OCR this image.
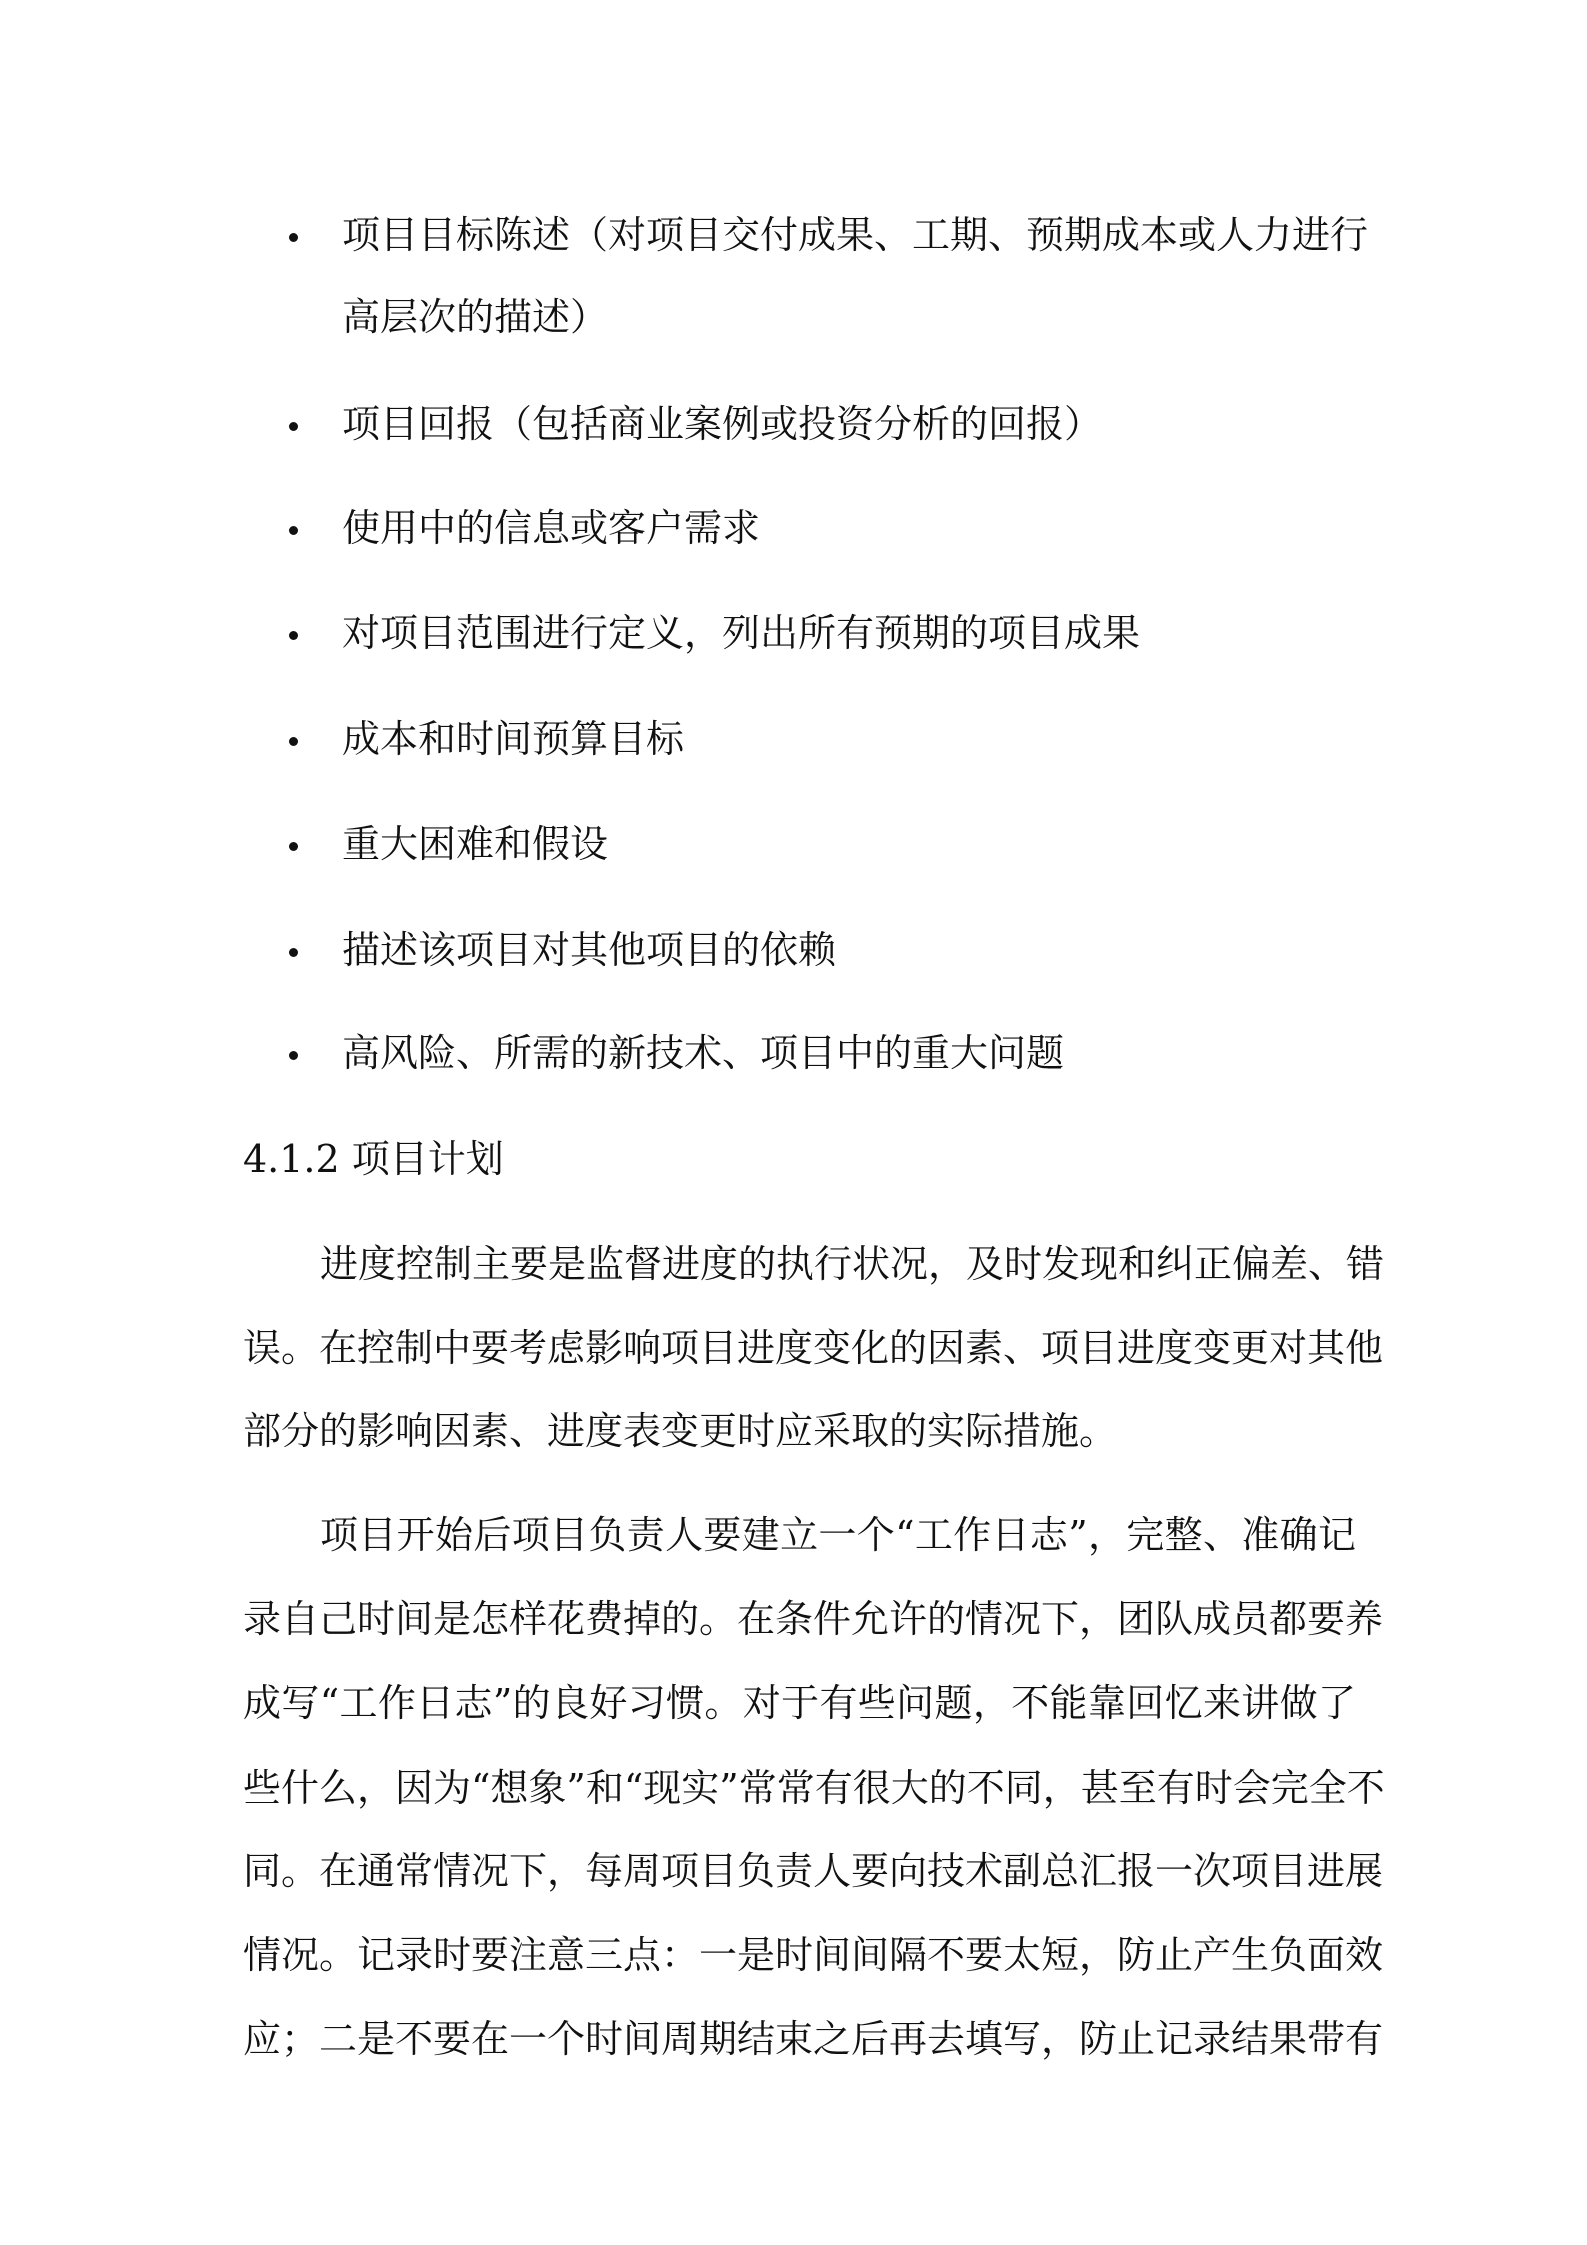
项目目标陈述（对项目交付成果、工期、预期成本或人力进行
高层次的描述）
项目回报（包括商业案例或投资分析的回报）
使用中的信息或客户需求
对项目范围进行定义，列出所有预期的项目成果
成本和时间预算目标
重大困难和假设
描述该项目对其他项目的依赖
高风险、所需的新技术、项目中的重大问题
4.1.2 项目计划
进度控制主要是监督进度的执行状况，及时发现和纠正偏差、错
误。在控制中要考虑影响项目进度变化的因素、项目进度变更对其他
部分的影响因素、进度表变更时应采取的实际措施。
项目开始后项目负责人要建立一个“工作日志”，完整、准确记
录自己时间是怎样花费掉的。在条件允许的情况下，团队成员都要养
成写“工作日志”的良好习惯。对于有些问题，不能靠回忆来讲做了
些什么，因为“想象”和“现实”常常有很大的不同，甚至有时会完全不
同。在通常情况下，每周项目负责人要向技术副总汇报一次项目进展
情况。记录时要注意三点：一是时间间隔不要太短，防止产生负面效
应；二是不要在一个时间周期结束之后再去填写，防止记录结果带有
